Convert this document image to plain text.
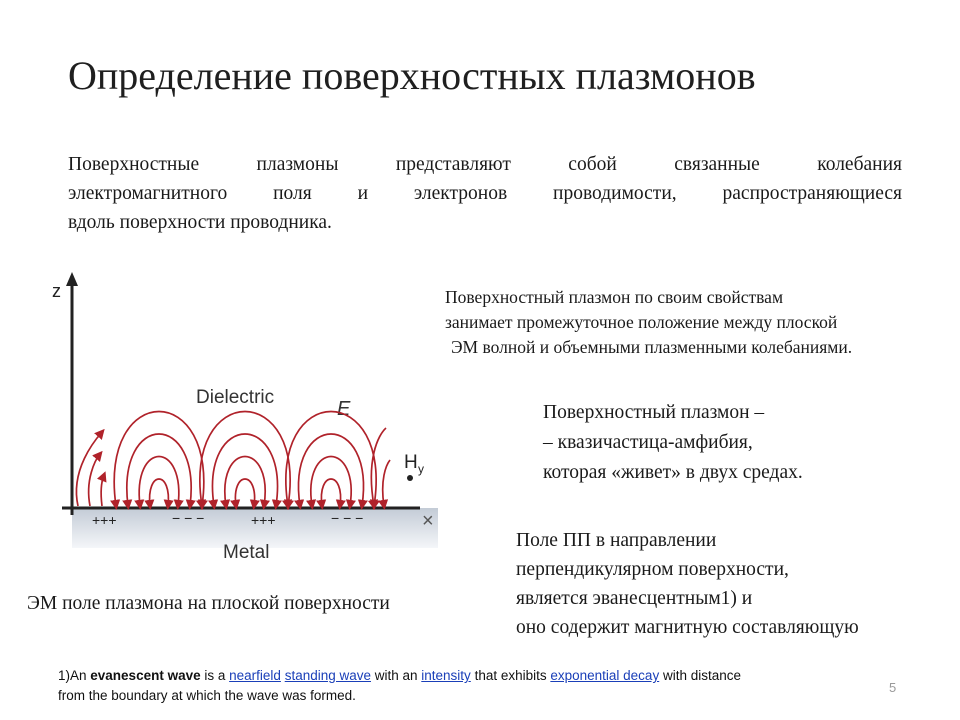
Определение поверхностных плазмонов
Поверхностные плазмоны представляют собой связанные колебания
электромагнитного поля и электронов проводимости, распространяющиеся
вдоль поверхности проводника.
z
×
Dielectric
E
H y
Metal
+++	− − −	+++	− − −
Поверхностный плазмон по своим свойствам
занимает промежуточное положение между плоской
ЭМ волной и объемными плазменными колебаниями.
Поверхностный плазмон –
– квазичастица-амфибия,
которая «живет» в двух средах.
Поле ПП в направлении
перпендикулярном поверхности,
является эванесцентным1) и
оно содержит магнитную составляющую
ЭМ поле плазмона на плоской поверхности
1)An evanescent wave is a nearfield standing wave with an intensity that exhibits exponential decay with distance
from the boundary at which the wave was formed.
5
